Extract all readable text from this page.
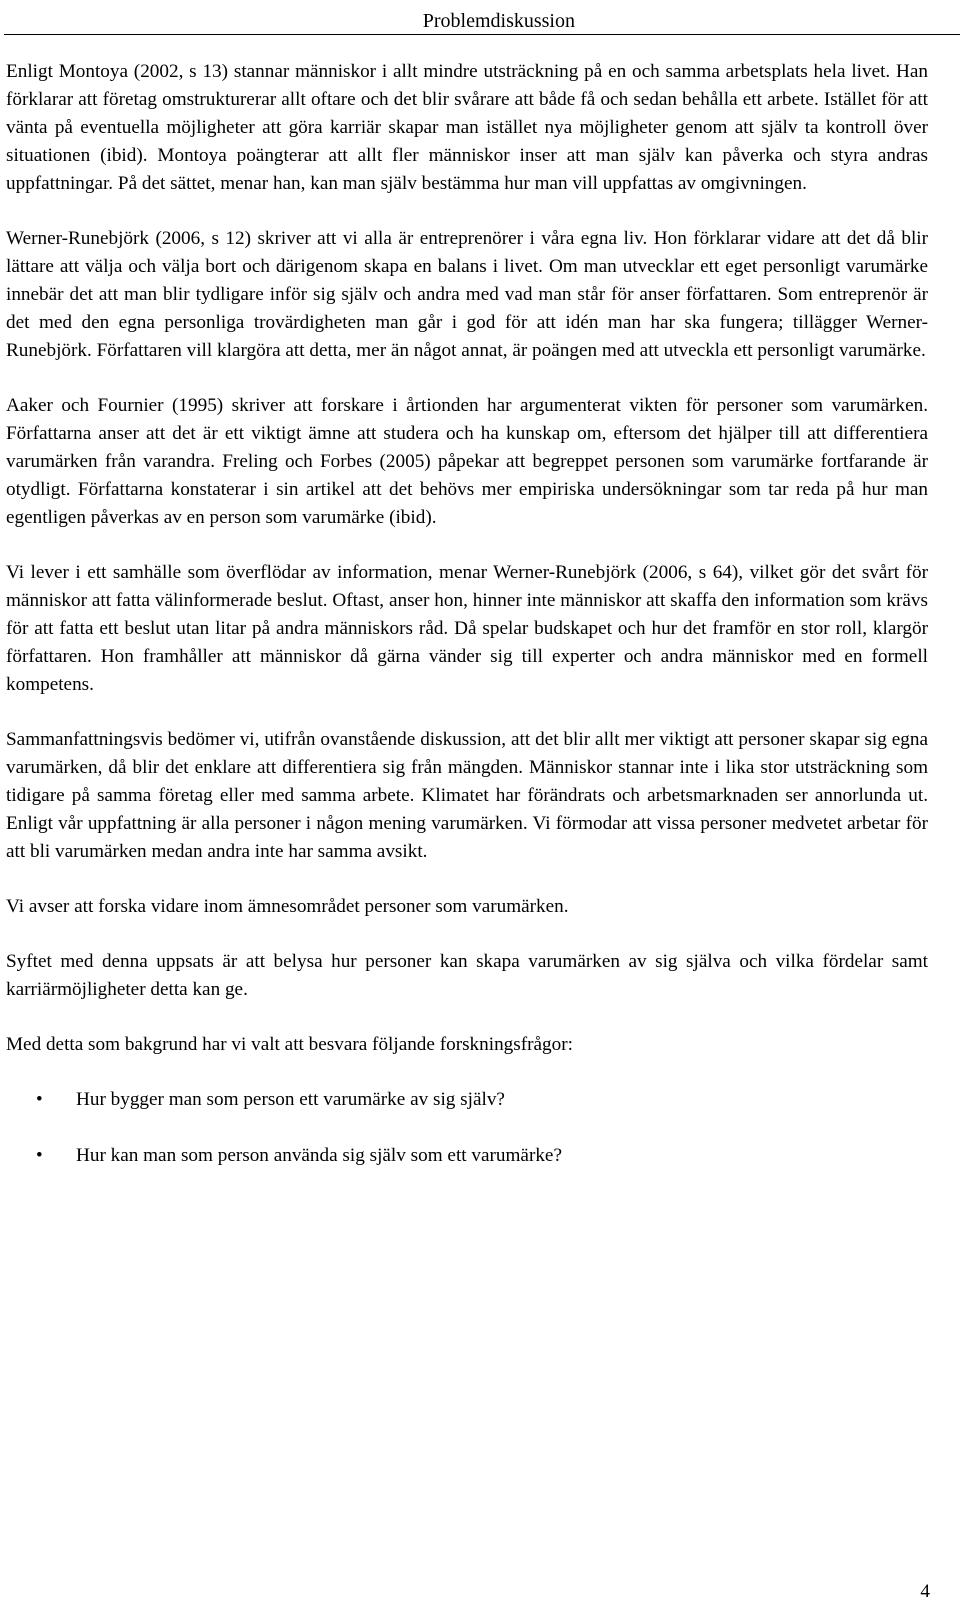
Problemdiskussion

Enligt Montoya (2002, s 13) stannar människor i allt mindre utsträckning på en och samma arbetsplats hela livet. Han förklarar att företag omstrukturerar allt oftare och det blir svårare att både få och sedan behålla ett arbete. Istället för att vänta på eventuella möjligheter att göra karriär skapar man istället nya möjligheter genom att själv ta kontroll över situationen (ibid). Montoya poängterar att allt fler människor inser att man själv kan påverka och styra andras uppfattningar. På det sättet, menar han, kan man själv bestämma hur man vill uppfattas av omgivningen.

Werner-Runebjörk (2006, s 12) skriver att vi alla är entreprenörer i våra egna liv. Hon förklarar vidare att det då blir lättare att välja och välja bort och därigenom skapa en balans i livet. Om man utvecklar ett eget personligt varumärke innebär det att man blir tydligare inför sig själv och andra med vad man står för anser författaren. Som entreprenör är det med den egna personliga trovärdigheten man går i god för att idén man har ska fungera; tillägger Werner-Runebjörk. Författaren vill klargöra att detta, mer än något annat, är poängen med att utveckla ett personligt varumärke.

Aaker och Fournier (1995) skriver att forskare i årtionden har argumenterat vikten för personer som varumärken. Författarna anser att det är ett viktigt ämne att studera och ha kunskap om, eftersom det hjälper till att differentiera varumärken från varandra. Freling och Forbes (2005) påpekar att begreppet personen som varumärke fortfarande är otydligt. Författarna konstaterar i sin artikel att det behövs mer empiriska undersökningar som tar reda på hur man egentligen påverkas av en person som varumärke (ibid).

Vi lever i ett samhälle som överflödar av information, menar Werner-Runebjörk (2006, s 64), vilket gör det svårt för människor att fatta välinformerade beslut. Oftast, anser hon, hinner inte människor att skaffa den information som krävs för att fatta ett beslut utan litar på andra människors råd. Då spelar budskapet och hur det framför en stor roll, klargör författaren. Hon framhåller att människor då gärna vänder sig till experter och andra människor med en formell kompetens.

Sammanfattningsvis bedömer vi, utifrån ovanstående diskussion, att det blir allt mer viktigt att personer skapar sig egna varumärken, då blir det enklare att differentiera sig från mängden. Människor stannar inte i lika stor utsträckning som tidigare på samma företag eller med samma arbete. Klimatet har förändrats och arbetsmarknaden ser annorlunda ut. Enligt vår uppfattning är alla personer i någon mening varumärken. Vi förmodar att vissa personer medvetet arbetar för att bli varumärken medan andra inte har samma avsikt.

Vi avser att forska vidare inom ämnesområdet personer som varumärken.

Syftet med denna uppsats är att belysa hur personer kan skapa varumärken av sig själva och vilka fördelar samt karriärmöjligheter detta kan ge.

Med detta som bakgrund har vi valt att besvara följande forskningsfrågor:

• Hur bygger man som person ett varumärke av sig själv?
• Hur kan man som person använda sig själv som ett varumärke?
4
